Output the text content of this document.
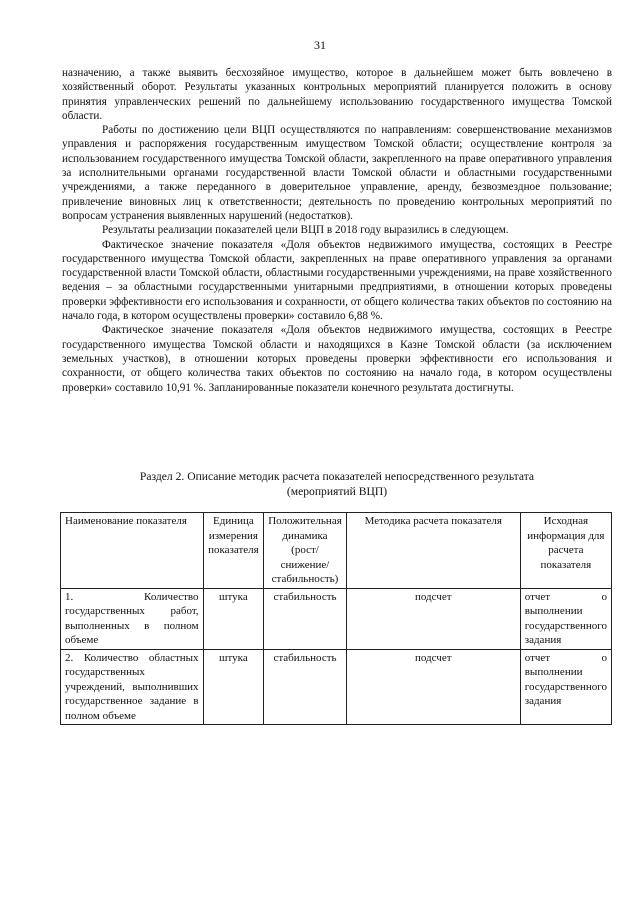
31

назначению, а также выявить бесхозяйное имущество, которое в дальнейшем может быть вовлечено в хозяйственный оборот. Результаты указанных контрольных мероприятий планируется положить в основу принятия управленческих решений по дальнейшему использованию государственного имущества Томской области.

Работы по достижению цели ВЦП осуществляются по направлениям: совершенствование механизмов управления и распоряжения государственным имуществом Томской области; осуществление контроля за использованием государственного имущества Томской области, закрепленного на праве оперативного управления за исполнительными органами государственной власти Томской области и областными государственными учреждениями, а также переданного в доверительное управление, аренду, безвозмездное пользование; привлечение виновных лиц к ответственности; деятельность по проведению контрольных мероприятий по вопросам устранения выявленных нарушений (недостатков).

Результаты реализации показателей цели ВЦП в 2018 году выразились в следующем.

Фактическое значение показателя «Доля объектов недвижимого имущества, состоящих в Реестре государственного имущества Томской области, закрепленных на праве оперативного управления за органами государственной власти Томской области, областными государственными учреждениями, на праве хозяйственного ведения – за областными государственными унитарными предприятиями, в отношении которых проведены проверки эффективности его использования и сохранности, от общего количества таких объектов по состоянию на начало года, в котором осуществлены проверки» составило 6,88 %.

Фактическое значение показателя «Доля объектов недвижимого имущества, состоящих в Реестре государственного имущества Томской области и находящихся в Казне Томской области (за исключением земельных участков), в отношении которых проведены проверки эффективности его использования и сохранности, от общего количества таких объектов по состоянию на начало года, в котором осуществлены проверки» составило 10,91 %. Запланированные показатели конечного результата достигнуты.

Раздел 2. Описание методик расчета показателей непосредственного результата
(мероприятий ВЦП)
Наименование показателя	Единица измерения показателя	Положительная динамика (рост/снижение/стабильность)	Методика расчета показателя	Исходная информация для расчета показателя
1. Количество государственных работ, выполненных в полном объеме	штука	стабильность	подсчет	отчет о выполнении государственного задания
2. Количество областных государственных учреждений, выполнивших государственное задание в полном объеме	штука	стабильность	подсчет	отчет о выполнении государственного задания
